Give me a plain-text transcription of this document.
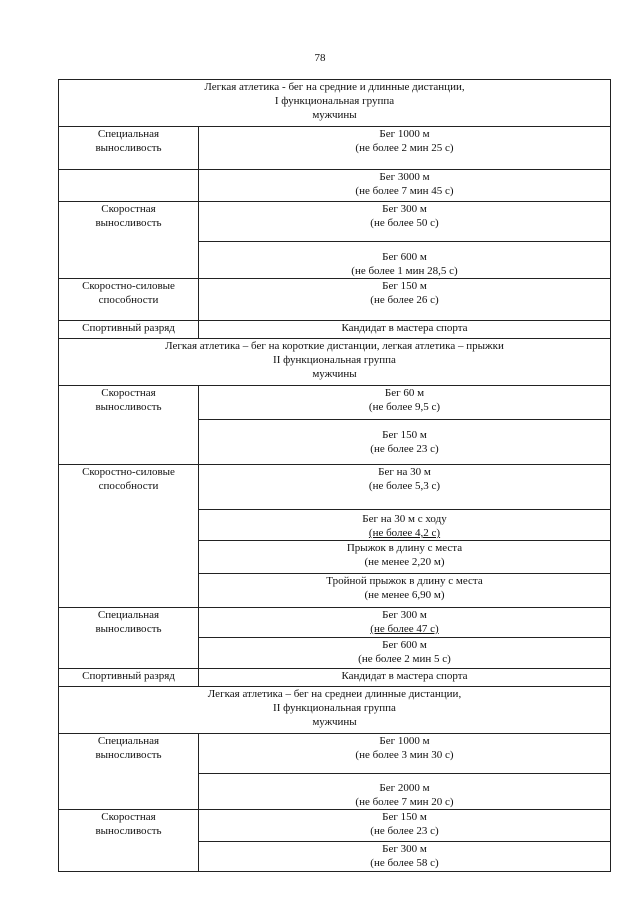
78
Легкая атлетика - бег на средние и длинные дистанции,
I функциональная группа
мужчины	

Специальная
выносливость	Бег 1000 м
(не более 2 мин 25 с)

	Бег 3000 м
(не более 7 мин 45 с)

Скоростная
выносливость	Бег 300 м
(не более 50 с)

	Бег 600 м
(не более 1 мин 28,5 с)

Скоростно-силовые
способности	Бег 150 м
(не более 26 с)

Спортивный разряд	Кандидат в мастера спорта

Легкая атлетика – бег на короткие дистанции, легкая атлетика – прыжки
II функциональная группа
мужчины	

Скоростная
выносливость	Бег 60 м
(не более 9,5 с)

	Бег 150 м
(не более 23 с)

Скоростно-силовые
способности	Бег на 30 м
(не более 5,3 с)

	Бег на 30 м с ходу
(не более 4,2 с)

	Прыжок в длину с места
(не менее 2,20 м)

	Тройной прыжок в длину с места
(не менее 6,90 м)

Специальная
выносливость	Бег 300 м
(не более 47 с)

	Бег 600 м
(не более 2 мин 5 с)

Спортивный разряд	Кандидат в мастера спорта

Легкая атлетика – бег на среднеи длинные дистанции,
II функциональная группа
мужчины	

Специальная
выносливость	Бег 1000 м
(не более 3 мин 30 с)

	Бег 2000 м
(не более 7 мин 20 с)

Скоростная
выносливость	Бег 150 м
(не более 23 с)

	Бег 300 м
(не более 58 с)
